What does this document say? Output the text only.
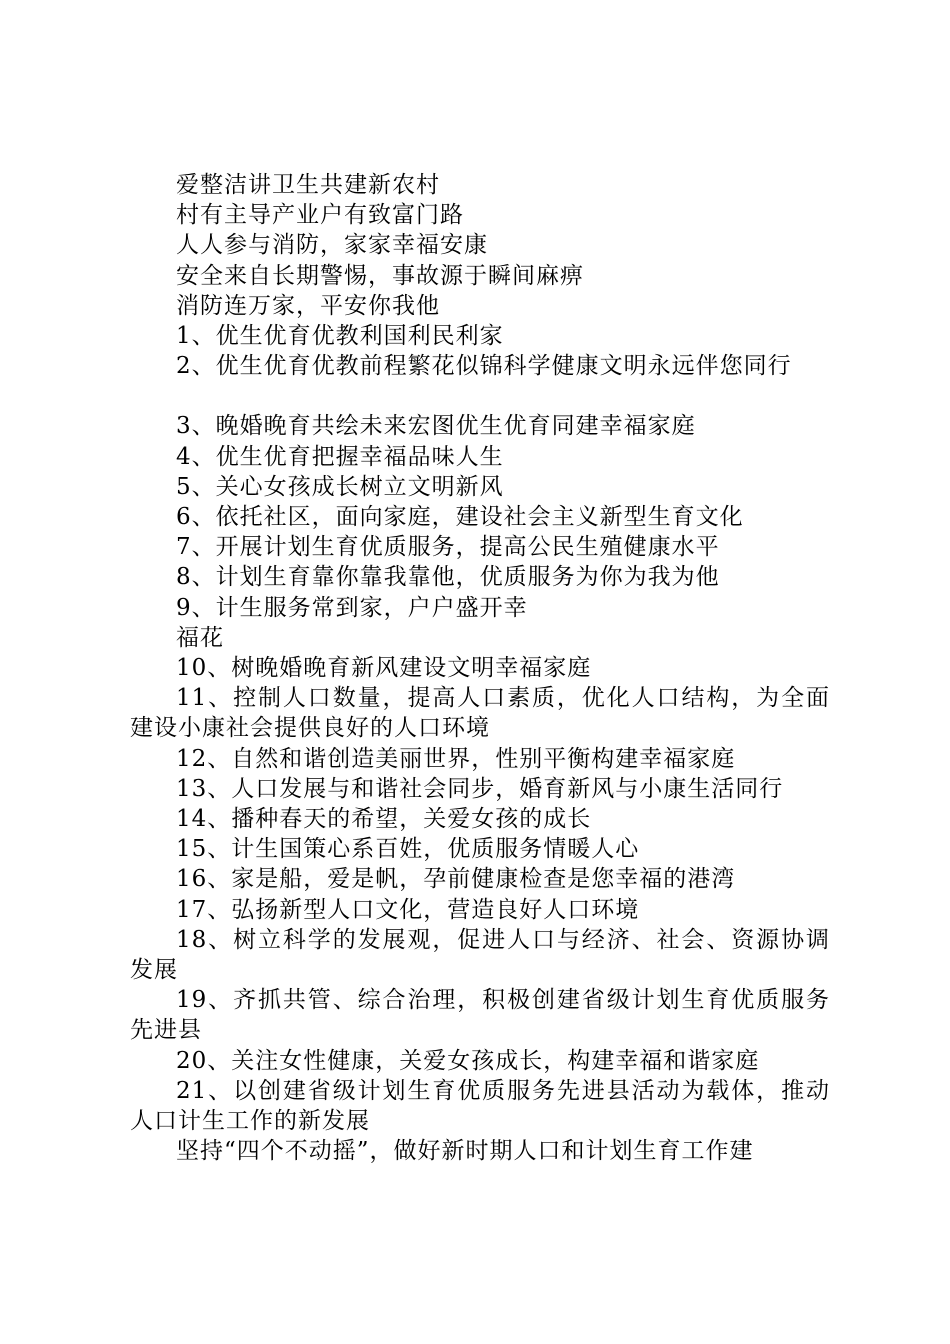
爱整洁讲卫生共建新农村

村有主导产业户有致富门路

人人参与消防，家家幸福安康

安全来自长期警惕，事故源于瞬间麻痹

消防连万家，平安你我他

1、优生优育优教利国利民利家

2、优生优育优教前程繁花似锦科学健康文明永远伴您同行

3、晚婚晚育共绘未来宏图优生优育同建幸福家庭

4、优生优育把握幸福品味人生

5、关心女孩成长树立文明新风

6、依托社区，面向家庭，建设社会主义新型生育文化

7、开展计划生育优质服务，提高公民生殖健康水平

8、计划生育靠你靠我靠他，优质服务为你为我为他

9、计生服务常到家，户户盛开幸

福花

10、树晚婚晚育新风建设文明幸福家庭

11、控制人口数量，提高人口素质，优化人口结构，为全面建设小康社会提供良好的人口环境

12、自然和谐创造美丽世界，性别平衡构建幸福家庭

13、人口发展与和谐社会同步，婚育新风与小康生活同行

14、播种春天的希望，关爱女孩的成长

15、计生国策心系百姓，优质服务情暖人心

16、家是船，爱是帆，孕前健康检查是您幸福的港湾

17、弘扬新型人口文化，营造良好人口环境

18、树立科学的发展观，促进人口与经济、社会、资源协调发展

19、齐抓共管、综合治理，积极创建省级计划生育优质服务先进县

20、关注女性健康，关爱女孩成长，构建幸福和谐家庭

21、以创建省级计划生育优质服务先进县活动为载体，推动人口计生工作的新发展

坚持“四个不动摇”，做好新时期人口和计划生育工作建
